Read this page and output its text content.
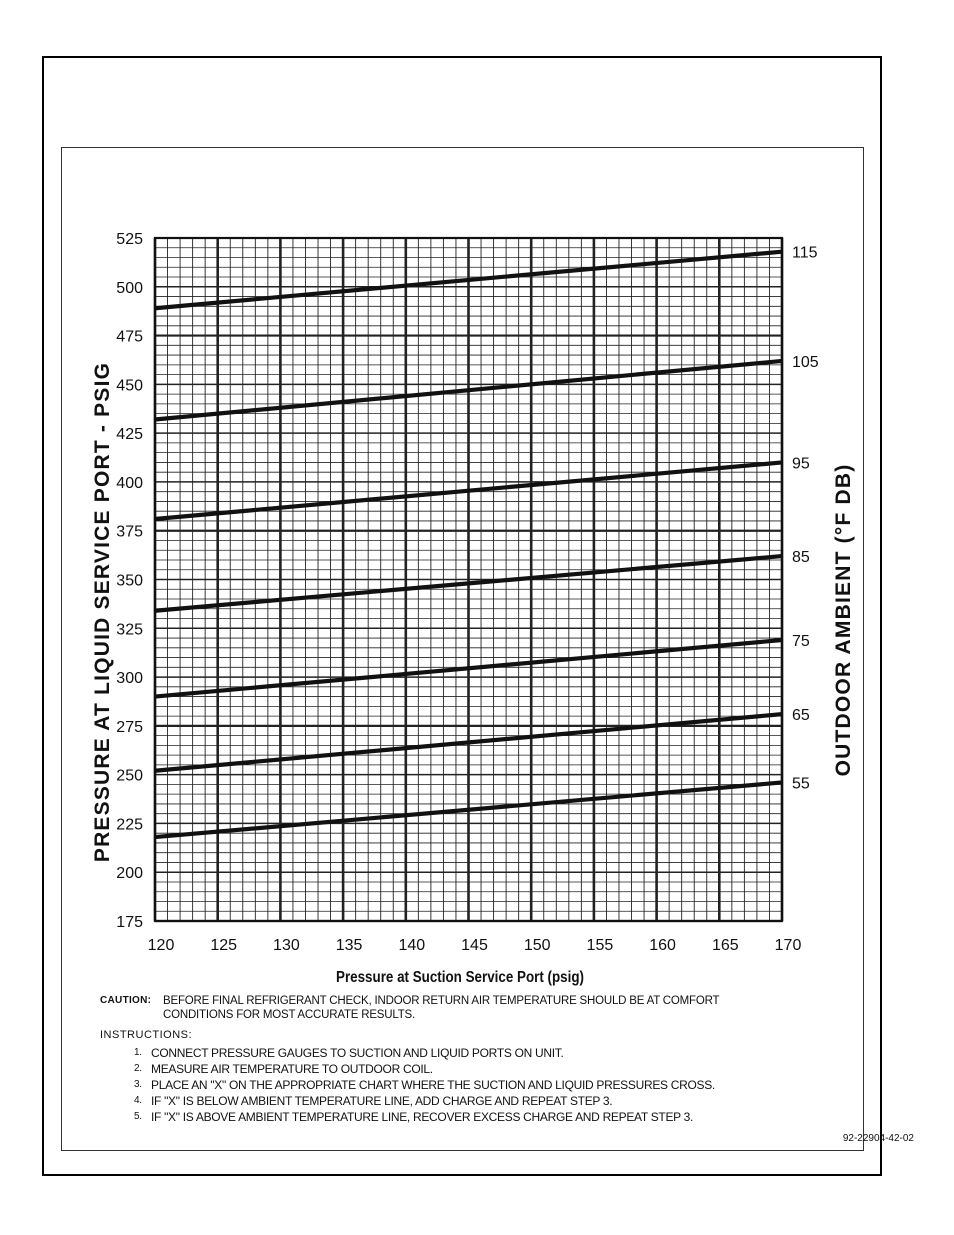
175
200
225
250
275
300
325
350
375
400
425
450
475
500
525
120 125 130 135 140 145 150 155 160 165 170
115
105
95
85
75
65
55
PRESSURE AT LIQUID SERVICE PORT - PSIG	OUTDOOR AMBIENT (°F DB)
Pressure at Suction Service Port (psig)
CAUTION: BEFORE FINAL REFRIGERANT CHECK, INDOOR RETURN AIR TEMPERATURE SHOULD BE AT COMFORT
CONDITIONS FOR MOST ACCURATE RESULTS.
INSTRUCTIONS:
1. CONNECT PRESSURE GAUGES TO SUCTION AND LIQUID PORTS ON UNIT.
2. MEASURE AIR TEMPERATURE TO OUTDOOR COIL.
3. PLACE AN "X" ON THE APPROPRIATE CHART WHERE THE SUCTION AND LIQUID PRESSURES CROSS.
4. IF "X" IS BELOW AMBIENT TEMPERATURE LINE, ADD CHARGE AND REPEAT STEP 3.
5. IF "X" IS ABOVE AMBIENT TEMPERATURE LINE, RECOVER EXCESS CHARGE AND REPEAT STEP 3.
92-22904-42-02
